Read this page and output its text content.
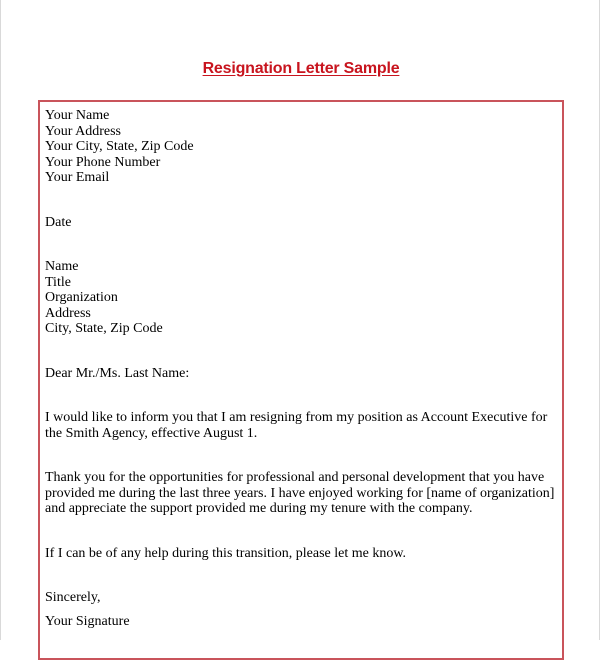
Resignation Letter Sample
Your Name
Your Address
Your City, State, Zip Code
Your Phone Number
Your Email
Date
Name
Title
Organization
Address
City, State, Zip Code
Dear Mr./Ms. Last Name:
I would like to inform you that I am resigning from my position as Account Executive for the Smith Agency, effective August 1.
Thank you for the opportunities for professional and personal development that you have provided me during the last three years. I have enjoyed working for [name of organization] and appreciate the support provided me during my tenure with the company.
If I can be of any help during this transition, please let me know.
Sincerely,
Your Signature
